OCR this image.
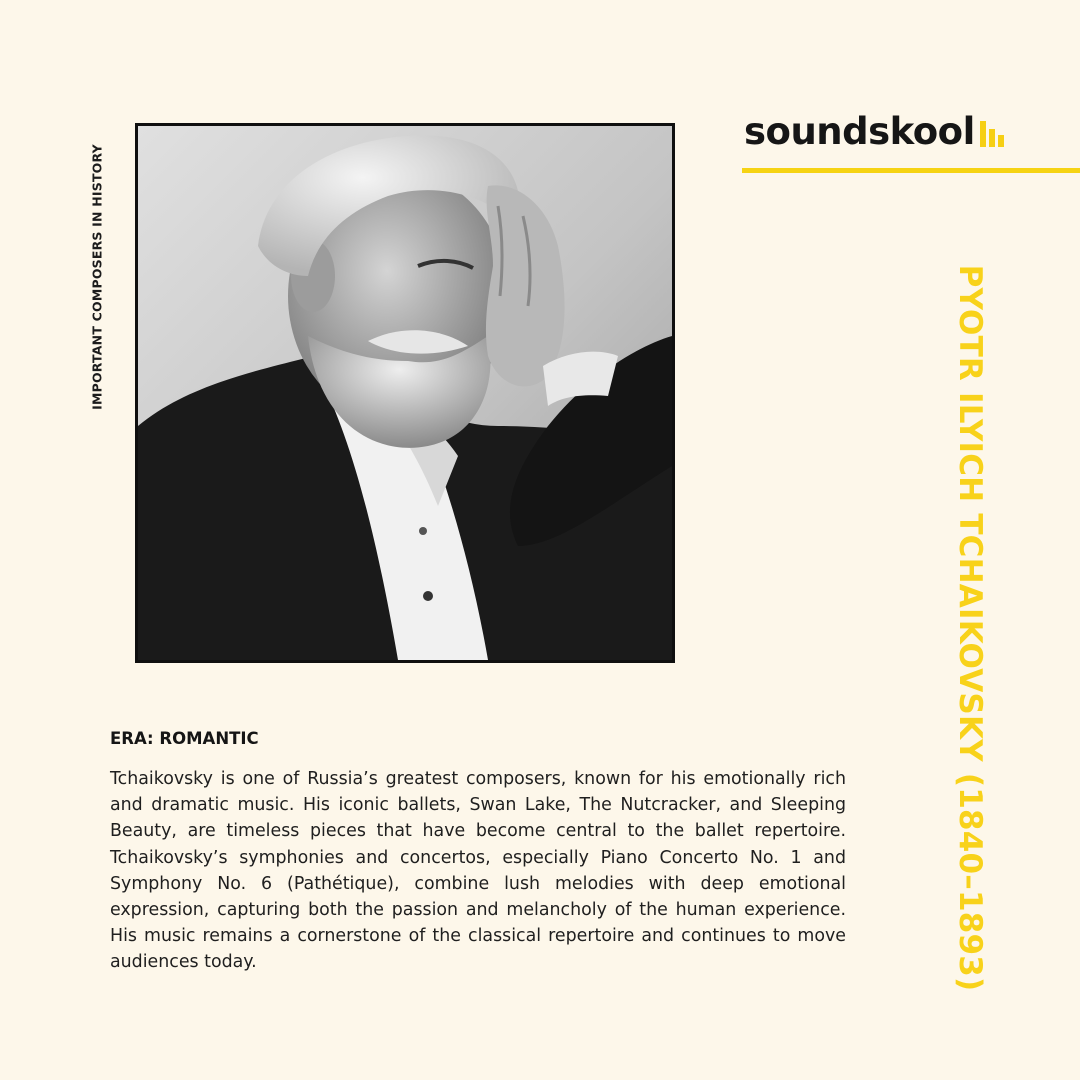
IMPORTANT COMPOSERS IN HISTORY
soundskool
PYOTR ILYICH TCHAIKOVSKY (1840–1893)
ERA: ROMANTIC

Tchaikovsky is one of Russia’s greatest composers, known for his emotionally rich and dramatic music. His iconic ballets, Swan Lake, The Nutcracker, and Sleeping Beauty, are timeless pieces that have become central to the ballet repertoire. Tchaikovsky’s symphonies and concertos, especially Piano Concerto No. 1 and Symphony No. 6 (Pathétique), combine lush melodies with deep emotional expression, capturing both the passion and melancholy of the human experience. His music remains a cornerstone of the classical repertoire and continues to move audiences today.
